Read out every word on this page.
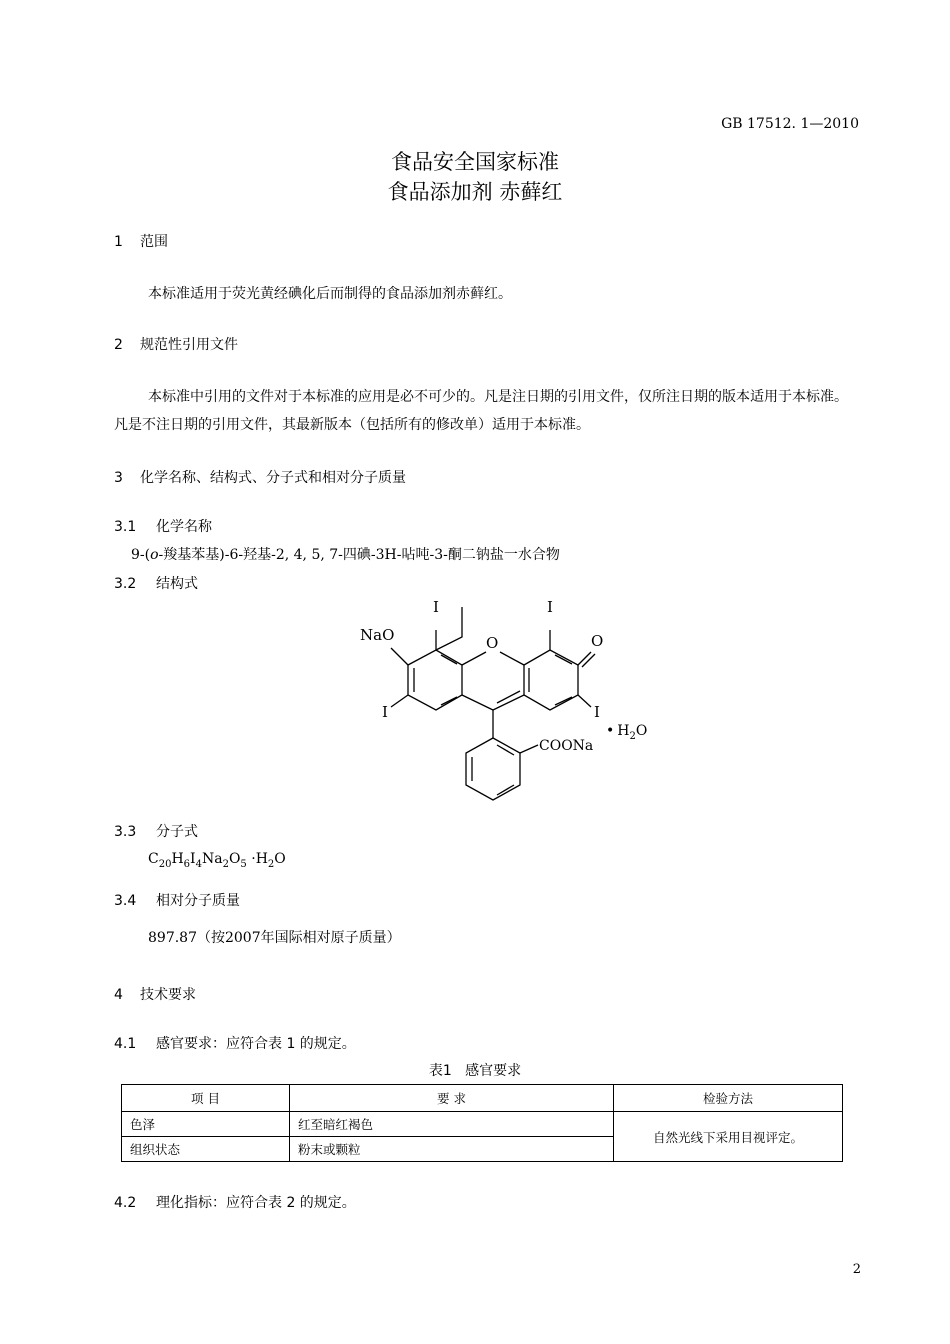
GB 17512. 1—2010
食品安全国家标准
食品添加剂 赤藓红
1 范围
本标准适用于荧光黄经碘化后而制得的食品添加剂赤藓红。
2 规范性引用文件
本标准中引用的文件对于本标准的应用是必不可少的。凡是注日期的引用文件，仅所注日期的版本适用于本标准。凡是不注日期的引用文件，其最新版本（包括所有的修改单）适用于本标准。
3 化学名称、结构式、分子式和相对分子质量
3.1 化学名称
9-(o-羧基苯基)-6-羟基-2, 4, 5, 7-四碘-3H-呫吨-3-酮二钠盐一水合物
3.2 结构式
I	I
NaO	O	O
I	I
COONa
• $H_2O$
3.3 分子式
$C_{20}H_6I_4Na_2O_5 \cdot H_2O$
3.4 相对分子质量
897.87（按2007年国际相对原子质量）
4 技术要求
4.1 感官要求：应符合表 1 的规定。
表1   感官要求
项 目	要 求	检验方法
色泽	红至暗红褐色	自然光线下采用目视评定。
组织状态	粉末或颗粒	
4.2 理化指标：应符合表 2 的规定。
2
